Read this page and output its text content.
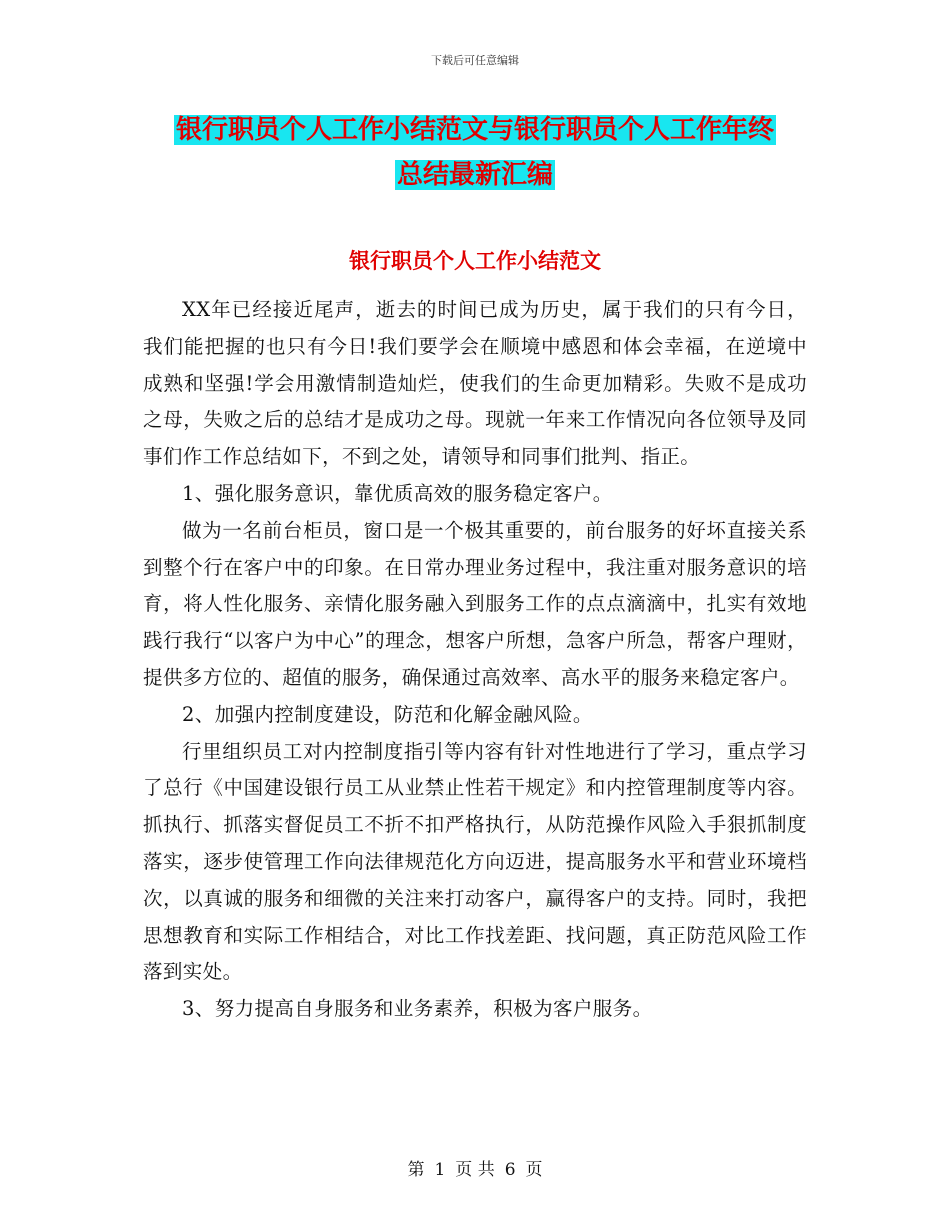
下载后可任意编辑
银行职员个人工作小结范文与银行职员个人工作年终
总结最新汇编
银行职员个人工作小结范文

XX年已经接近尾声，逝去的时间已成为历史，属于我们的只有今日，我们能把握的也只有今日!我们要学会在顺境中感恩和体会幸福，在逆境中成熟和坚强!学会用激情制造灿烂，使我们的生命更加精彩。失败不是成功之母，失败之后的总结才是成功之母。现就一年来工作情况向各位领导及同事们作工作总结如下，不到之处，请领导和同事们批判、指正。

1、强化服务意识，靠优质高效的服务稳定客户。

做为一名前台柜员，窗口是一个极其重要的，前台服务的好坏直接关系到整个行在客户中的印象。在日常办理业务过程中，我注重对服务意识的培育，将人性化服务、亲情化服务融入到服务工作的点点滴滴中，扎实有效地践行我行“以客户为中心”的理念，想客户所想，急客户所急，帮客户理财，提供多方位的、超值的服务，确保通过高效率、高水平的服务来稳定客户。

2、加强内控制度建设，防范和化解金融风险。

行里组织员工对内控制度指引等内容有针对性地进行了学习，重点学习了总行《中国建设银行员工从业禁止性若干规定》和内控管理制度等内容。抓执行、抓落实督促员工不折不扣严格执行，从防范操作风险入手狠抓制度落实，逐步使管理工作向法律规范化方向迈进，提高服务水平和营业环境档次，以真诚的服务和细微的关注来打动客户，赢得客户的支持。同时，我把思想教育和实际工作相结合，对比工作找差距、找问题，真正防范风险工作落到实处。

3、努力提高自身服务和业务素养，积极为客户服务。

第 1 页 共 6 页
